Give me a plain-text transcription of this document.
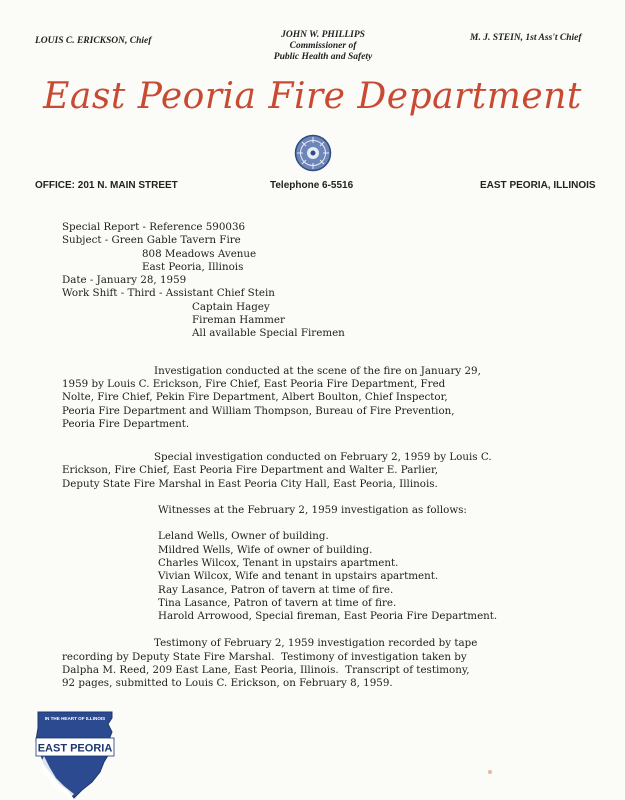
LOUIS C. ERICKSON, Chief
JOHN W. PHILLIPS
Commissioner of
Public Health and Safety
M. J. STEIN, 1st Ass't Chief
East Peoria Fire Department
OFFICE: 201 N. MAIN STREET	Telephone 6-5516	EAST PEORIA, ILLINOIS
Special Report - Reference 590036
Subject - Green Gable Tavern Fire
808 Meadows Avenue
East Peoria, Illinois
Date - January 28, 1959
Work Shift - Third - Assistant Chief Stein
Captain Hagey
Fireman Hammer
All available Special Firemen
Investigation conducted at the scene of the fire on January 29,
1959 by Louis C. Erickson, Fire Chief, East Peoria Fire Department, Fred
Nolte, Fire Chief, Pekin Fire Department, Albert Boulton, Chief Inspector,
Peoria Fire Department and William Thompson, Bureau of Fire Prevention,
Peoria Fire Department.
Special investigation conducted on February 2, 1959 by Louis C.
Erickson, Fire Chief, East Peoria Fire Department and Walter E. Parlier,
Deputy State Fire Marshal in East Peoria City Hall, East Peoria, Illinois.
Witnesses at the February 2, 1959 investigation as follows:
Leland Wells, Owner of building.
Mildred Wells, Wife of owner of building.
Charles Wilcox, Tenant in upstairs apartment.
Vivian Wilcox, Wife and tenant in upstairs apartment.
Ray Lasance, Patron of tavern at time of fire.
Tina Lasance, Patron of tavern at time of fire.
Harold Arrowood, Special fireman, East Peoria Fire Department.
Testimony of February 2, 1959 investigation recorded by tape
recording by Deputy State Fire Marshal.  Testimony of investigation taken by
Dalpha M. Reed, 209 East Lane, East Peoria, Illinois.  Transcript of testimony,
92 pages, submitted to Louis C. Erickson, on February 8, 1959.
IN THE HEART OF ILLINOIS
EAST PEORIA
